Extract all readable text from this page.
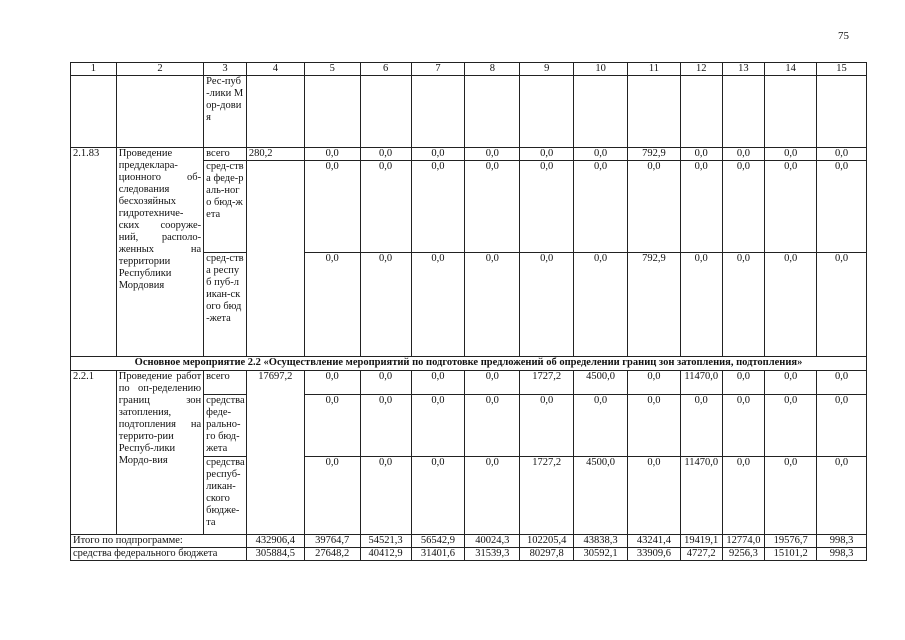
75
1	2	3	4	5	6	7	8	9	10	11	12	13	14	15
		Рес-пуб-лики Мор-довия												
2.1.83	Проведение преддеклара-ционного об-следования бесхозяйных гидротехниче-ских сооруже-ний, располо-женных на территории Республики Мордовия	всего	280,2	0,0	0,0	0,0	0,0	0,0	0,0	792,9	0,0	0,0	0,0	0,0
		сред-ства феде-раль-ного бюд-жета		0,0	0,0	0,0	0,0	0,0	0,0	0,0	0,0	0,0	0,0	0,0
		сред-ства респуб пуб-ликан-ского бюд-жета		0,0	0,0	0,0	0,0	0,0	0,0	792,9	0,0	0,0	0,0	0,0
Основное мероприятие 2.2 «Осуществление мероприятий по подготовке предложений об определении границ зон затопления, подтопления»														
2.2.1	Проведение работ по оп-ределению границ зон затопления, подтопления на террито-рии Респуб-лики Мордо-вия	всего	17697,2	0,0	0,0	0,0	0,0	1727,2	4500,0	0,0	11470,0	0,0	0,0	0,0
		средства феде-рально-го бюд-жета		0,0	0,0	0,0	0,0	0,0	0,0	0,0	0,0	0,0	0,0	0,0
		средства респуб-ликан-ского бюдже-та		0,0	0,0	0,0	0,0	1727,2	4500,0	0,0	11470,0	0,0	0,0	0,0
Итого по подпрограмме:			432906,4	39764,7	54521,3	56542,9	40024,3	102205,4	43838,3	43241,4	19419,1	12774,0	19576,7	998,3
средства федерального бюджета			305884,5	27648,2	40412,9	31401,6	31539,3	80297,8	30592,1	33909,6	4727,2	9256,3	15101,2	998,3
